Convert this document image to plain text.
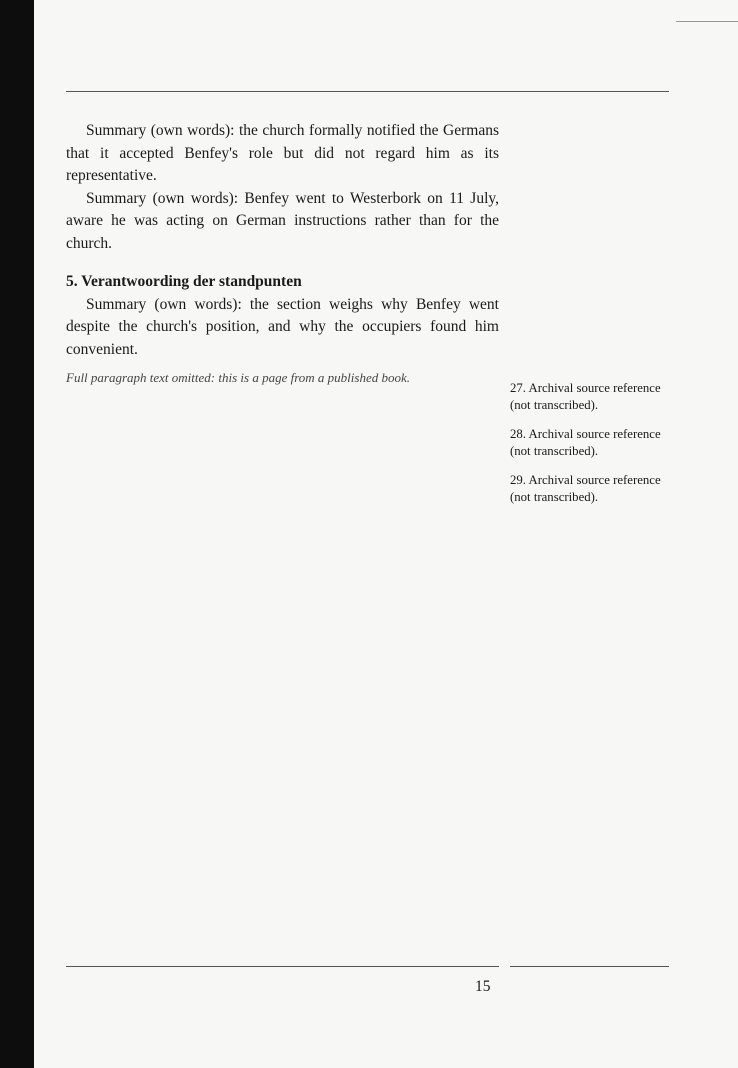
Summary (own words): the church formally notified the Germans that it accepted Benfey's role but did not regard him as its representative.

Summary (own words): Benfey went to Westerbork on 11 July, aware he was acting on German instructions rather than for the church.

5. Verantwoording der standpunten

Summary (own words): the section weighs why Benfey went despite the church's position, and why the occupiers found him convenient.

Full paragraph text omitted: this is a page from a published book.

27. Archival source reference (not transcribed).

28. Archival source reference (not transcribed).

29. Archival source reference (not transcribed).

15
